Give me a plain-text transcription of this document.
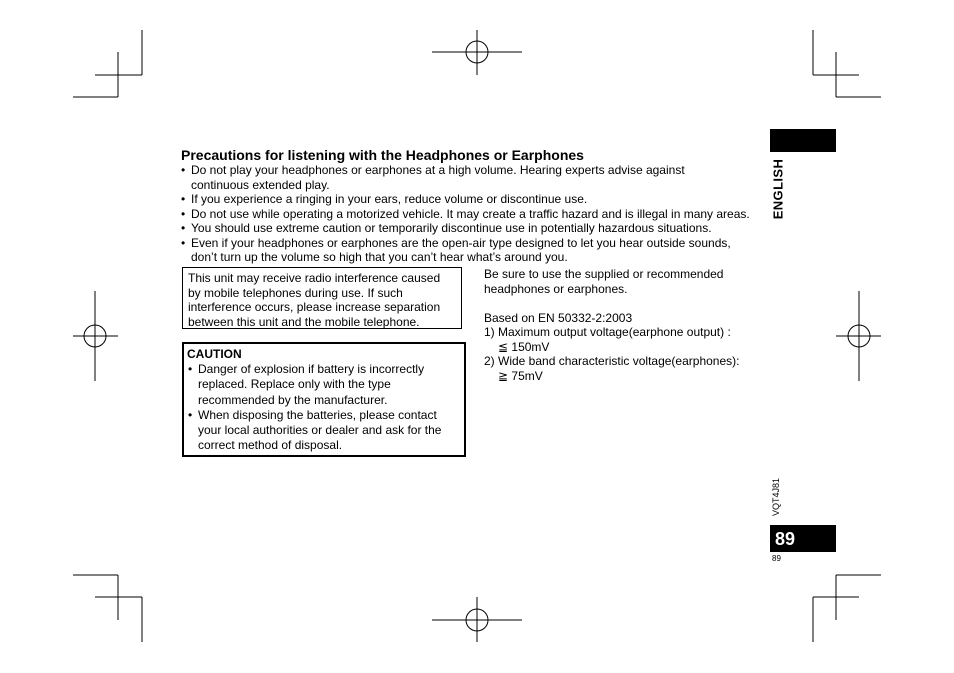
Precautions for listening with the Headphones or Earphones
• Do not play your headphones or earphones at a high volume. Hearing experts advise against
continuous extended play.
• If you experience a ringing in your ears, reduce volume or discontinue use.
• Do not use while operating a motorized vehicle. It may create a traffic hazard and is illegal in many areas.
• You should use extreme caution or temporarily discontinue use in potentially hazardous situations.
• Even if your headphones or earphones are the open-air type designed to let you hear outside sounds,
don’t turn up the volume so high that you can’t hear what’s around you.

This unit may receive radio interference caused

by mobile telephones during use. If such

interference occurs, please increase separation

between this unit and the mobile telephone.

CAUTION

• Danger of explosion if battery is incorrectly

replaced. Replace only with the type

recommended by the manufacturer.

• When disposing the batteries, please contact

your local authorities or dealer and ask for the

correct method of disposal.

Be sure to use the supplied or recommended

headphones or earphones.

Based on EN 50332-2:2003

1) Maximum output voltage(earphone output) :

≦ 150mV

2) Wide band characteristic voltage(earphones):

≧ 75mV

ENGLISH
VQT4J81
89
89
